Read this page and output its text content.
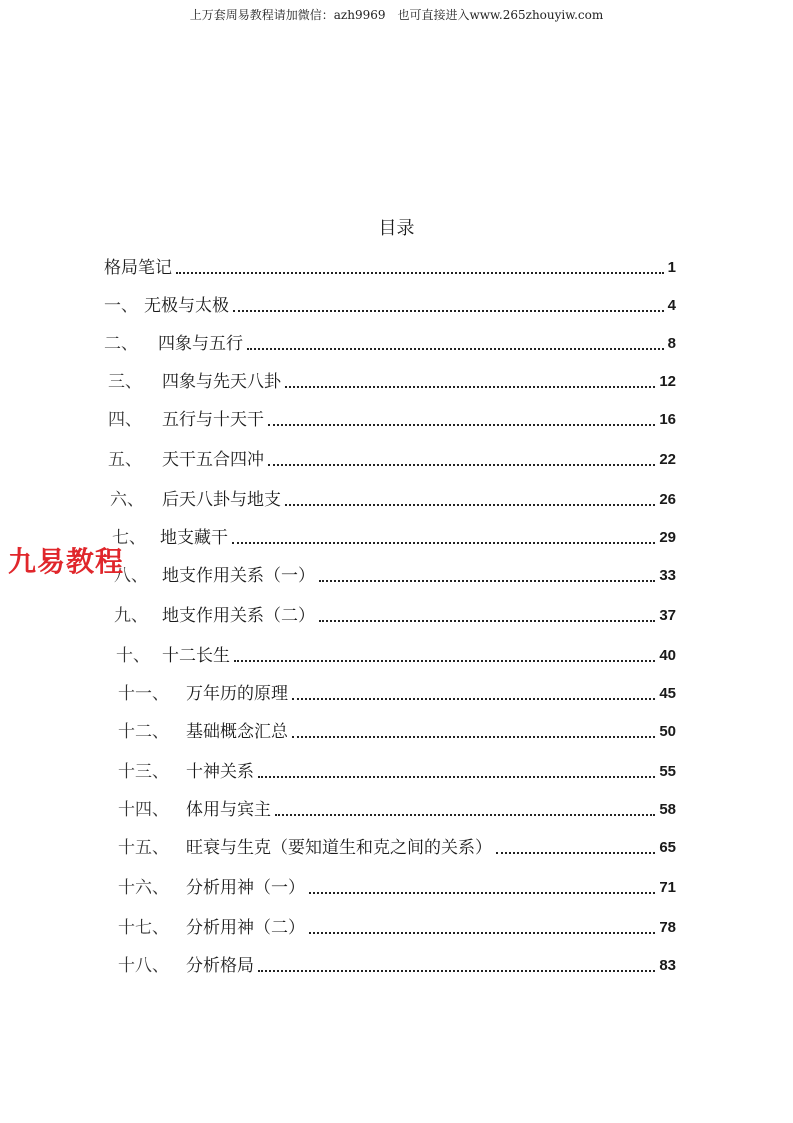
上万套周易教程请加微信：azh9969　也可直接进入www.265zhouyiw.com
目录
九易教程
格局笔记	1
一、 无极与太极	4
二、	四象与五行	8
三、	四象与先天八卦	12
四、	五行与十天干	16
五、	天干五合四冲	22
六、	后天八卦与地支	26
七、 地支藏干	29
八、 地支作用关系（一）	33
九、 地支作用关系（二）	37
十、 十二长生	40
十一、	万年历的原理	45
十二、	基础概念汇总	50
十三、	十神关系	55
十四、	体用与宾主	58
十五、	旺衰与生克（要知道生和克之间的关系）	65
十六、	分析用神（一）	71
十七、	分析用神（二）	78
十八、	分析格局	83
